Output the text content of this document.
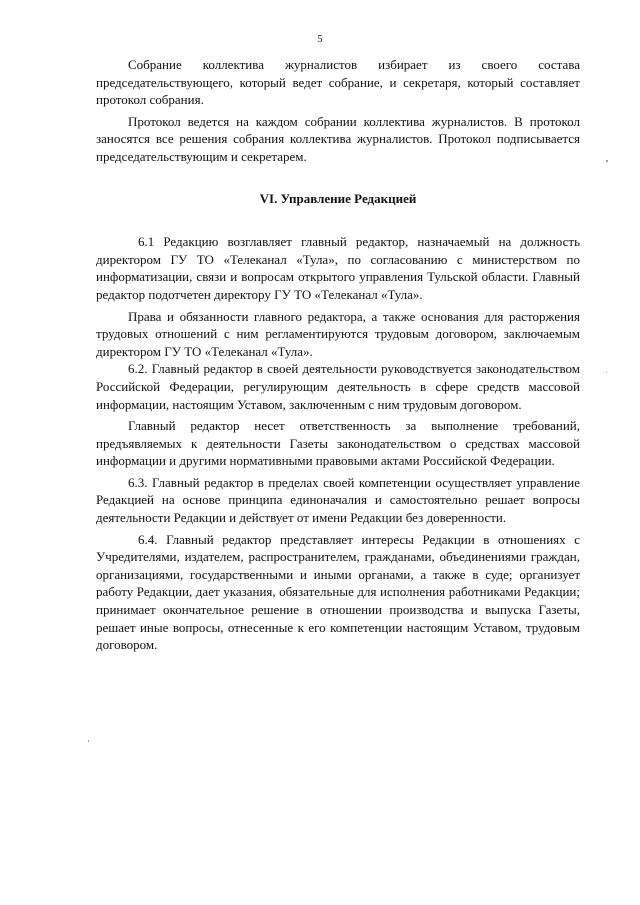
5

Собрание коллектива журналистов избирает из своего состава председательствующего, который ведет собрание, и секретаря, который составляет протокол собрания.

Протокол ведется на каждом собрании коллектива журналистов. В протокол заносятся все решения собрания коллектива журналистов. Протокол подписывается председательствующим и секретарем.

VI. Управление Редакцией

6.1 Редакцию возглавляет главный редактор, назначаемый на должность директором ГУ ТО «Телеканал «Тула», по согласованию с министерством по информатизации, связи и вопросам открытого управления Тульской области. Главный редактор подотчетен директору ГУ ТО «Телеканал «Тула».

Права и обязанности главного редактора, а также основания для расторжения трудовых отношений с ним регламентируются трудовым договором, заключаемым директором ГУ ТО «Телеканал «Тула».

6.2. Главный редактор в своей деятельности руководствуется законодательством Российской Федерации, регулирующим деятельность в сфере средств массовой информации, настоящим Уставом, заключенным с ним трудовым договором.

Главный редактор несет ответственность за выполнение требований, предъявляемых к деятельности Газеты законодательством о средствах массовой информации и другими нормативными правовыми актами Российской Федерации.

6.3. Главный редактор в пределах своей компетенции осуществляет управление Редакцией на основе принципа единоначалия и самостоятельно решает вопросы деятельности Редакции и действует от имени Редакции без доверенности.

6.4. Главный редактор представляет интересы Редакции в отношениях с Учредителями, издателем, распространителем, гражданами, объединениями граждан, организациями, государственными и иными органами, а также в суде; организует работу Редакции, дает указания, обязательные для исполнения работниками Редакции; принимает окончательное решение в отношении производства и выпуска Газеты, решает иные вопросы, отнесенные к его компетенции настоящим Уставом, трудовым договором.
